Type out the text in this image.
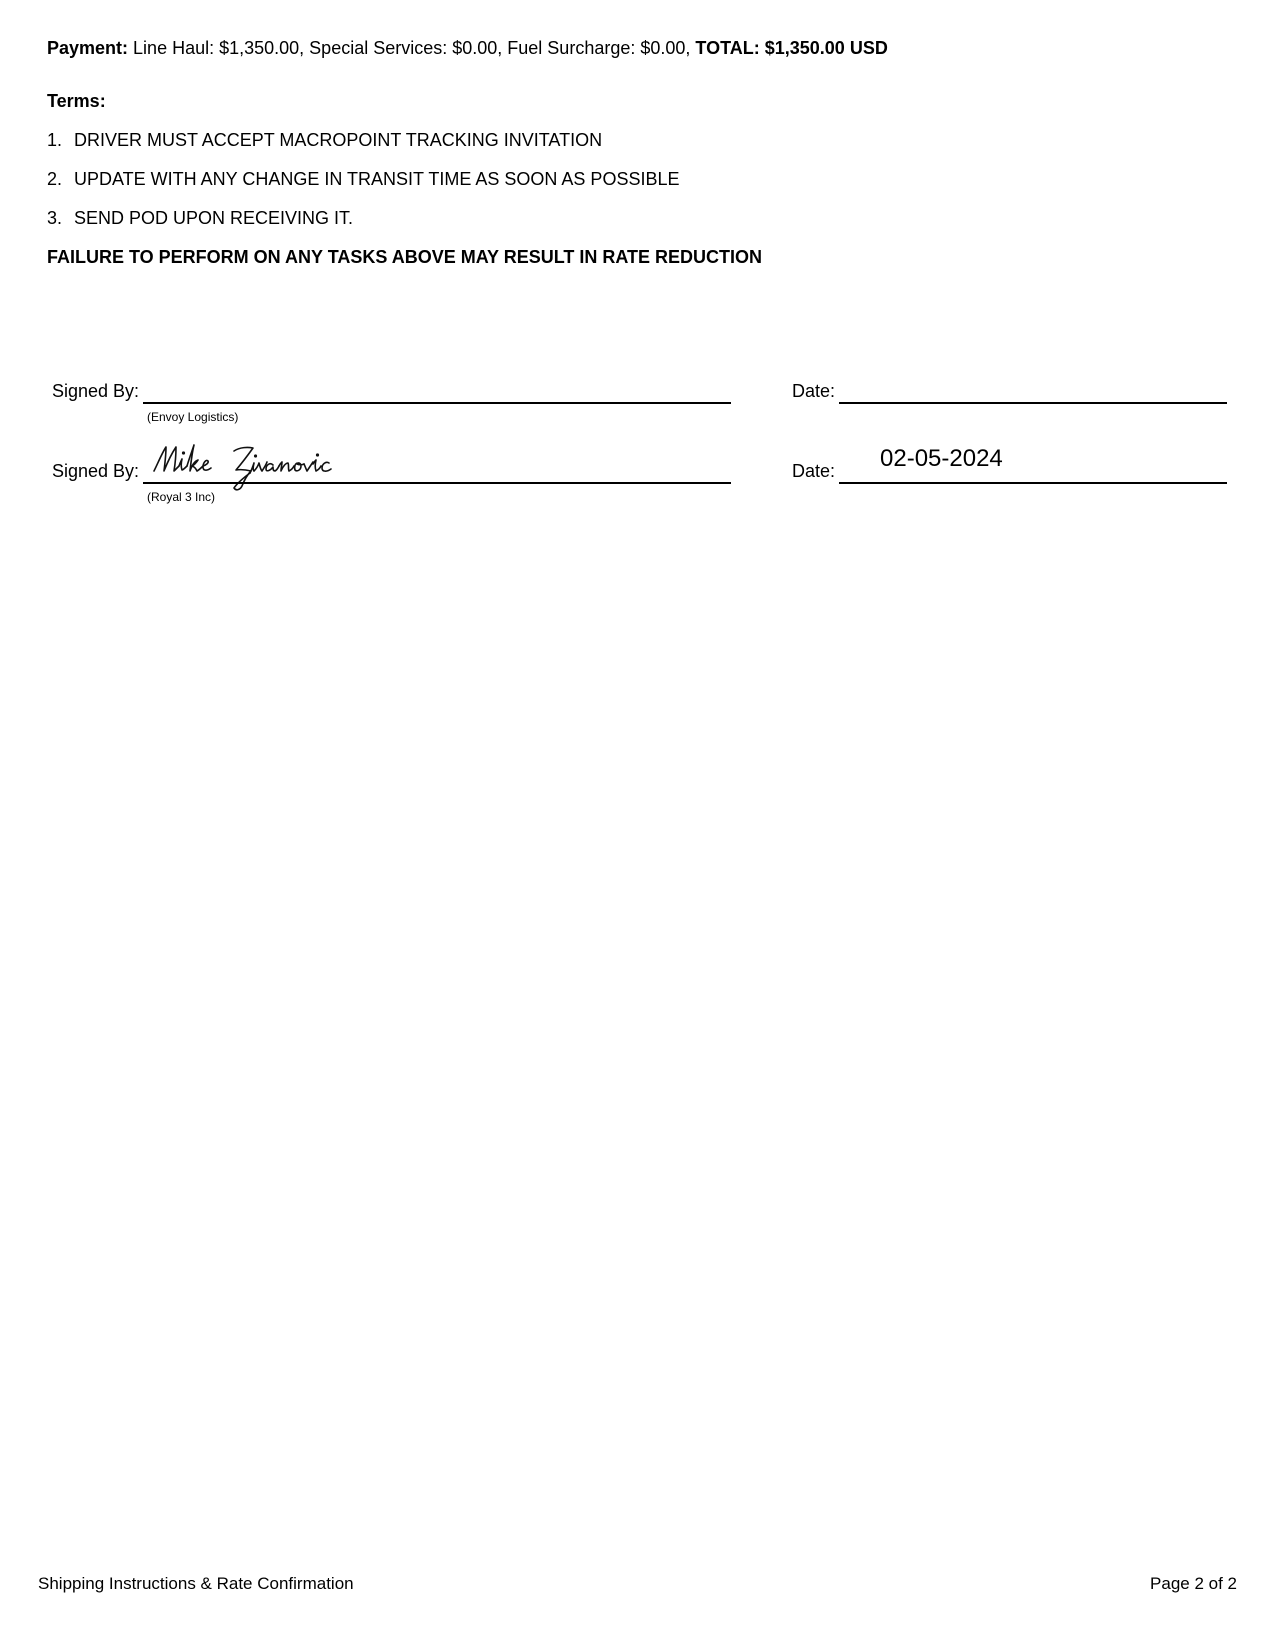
Payment: Line Haul: $1,350.00, Special Services: $0.00, Fuel Surcharge: $0.00, TOTAL: $1,350.00 USD
Terms:
1. DRIVER MUST ACCEPT MACROPOINT TRACKING INVITATION
2. UPDATE WITH ANY CHANGE IN TRANSIT TIME AS SOON AS POSSIBLE
3. SEND POD UPON RECEIVING IT.
FAILURE TO PERFORM ON ANY TASKS ABOVE MAY RESULT IN RATE REDUCTION
Signed By:
(Envoy Logistics)
Date:
Signed By:
(Royal 3 Inc)
Date: 02-05-2024
Shipping Instructions & Rate Confirmation	Page 2 of 2
